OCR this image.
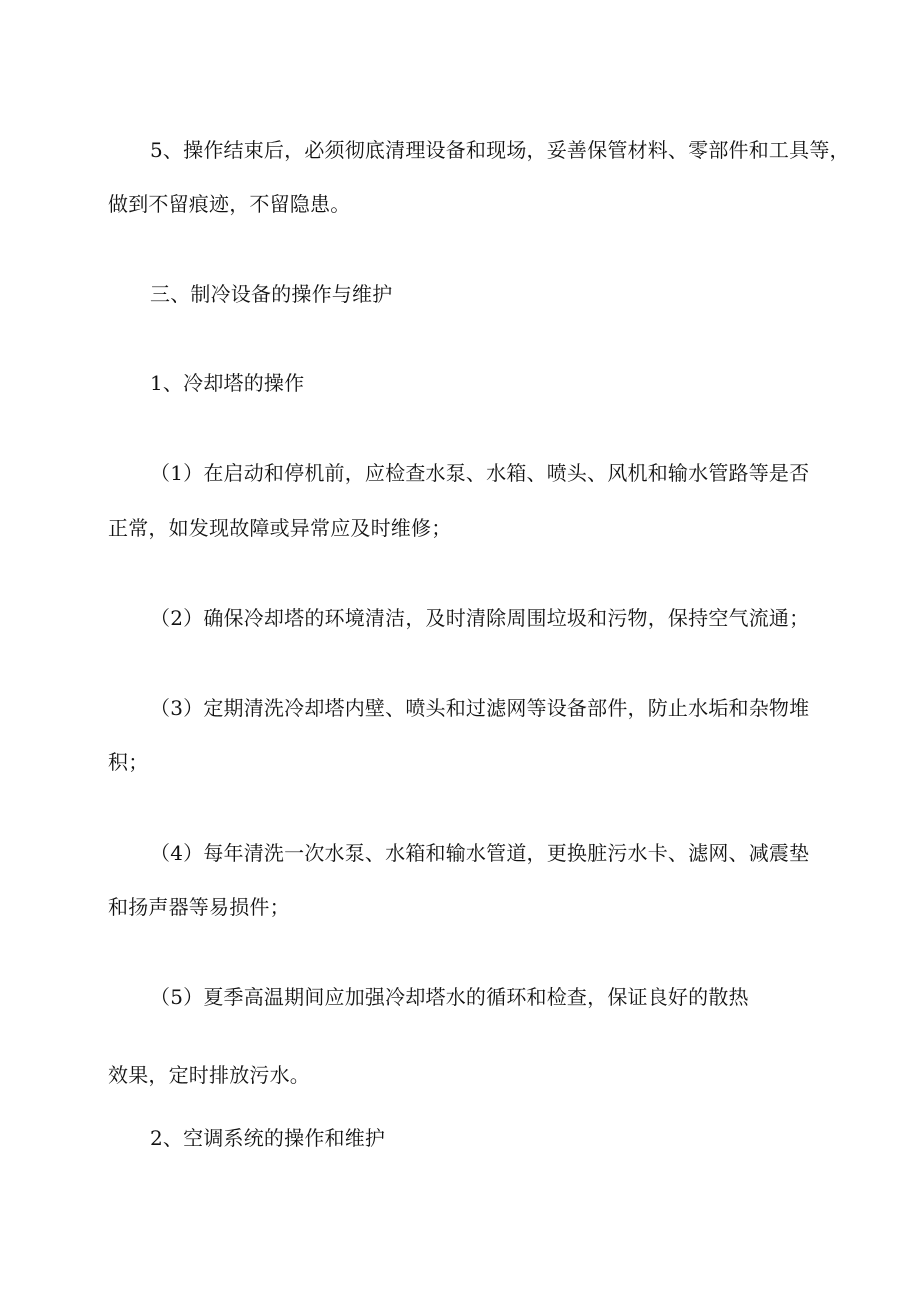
5、操作结束后，必须彻底清理设备和现场，妥善保管材料、零部件和工具等，
做到不留痕迹，不留隐患。
三、制冷设备的操作与维护
1、冷却塔的操作
（1）在启动和停机前，应检查水泵、水箱、喷头、风机和输水管路等是否
正常，如发现故障或异常应及时维修；
（2）确保冷却塔的环境清洁，及时清除周围垃圾和污物，保持空气流通；
（3）定期清洗冷却塔内壁、喷头和过滤网等设备部件，防止水垢和杂物堆
积；
（4）每年清洗一次水泵、水箱和输水管道，更换脏污水卡、滤网、减震垫
和扬声器等易损件；
（5）夏季高温期间应加强冷却塔水的循环和检查，保证良好的散热
效果，定时排放污水。
2、空调系统的操作和维护
